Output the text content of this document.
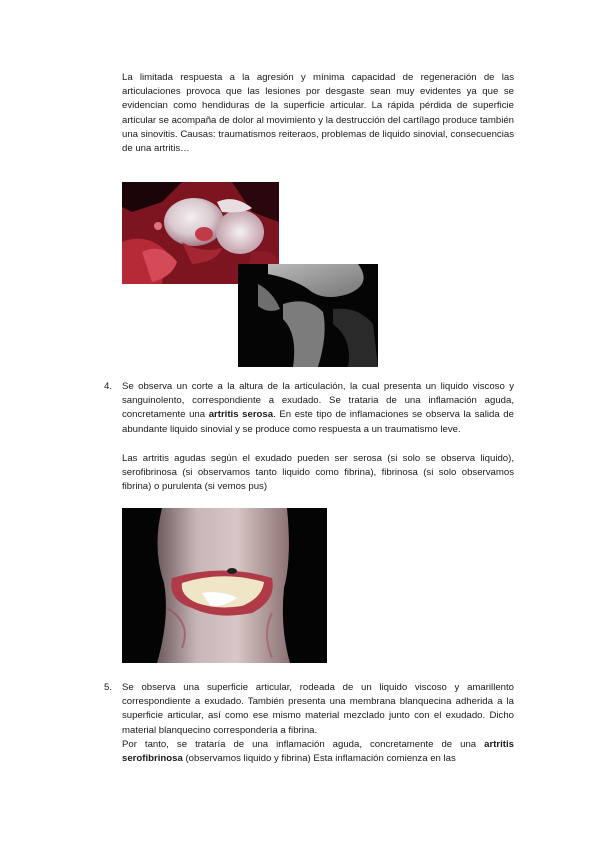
La limitada respuesta a la agresión y mínima capacidad de regeneración de las articulaciones provoca que las lesiones por desgaste sean muy evidentes ya que se evidencian como hendiduras de la superficie articular. La rápida pérdida de superficie articular se acompaña de dolor al movimiento y la destrucción del cartílago produce también una sinovitis. Causas: traumatismos reiteraos, problemas de liquido sinovial, consecuencias de una artritis…

4. Se observa un corte a la altura de la articulación, la cual presenta un liquido viscoso y sanguinolento, correspondiente a exudado. Se trataria de una inflamación aguda, concretamente una artritis serosa. En este tipo de inflamaciones se observa la salida de abundante liquido sinovial y se produce como respuesta a un traumatismo leve.

Las artritis agudas según el exudado pueden ser serosa (si solo se observa liquido), serofibrinosa (si observamos tanto liquido como fibrina), fibrinosa (si solo observamos fibrina) o purulenta (si vemos pus)

5. Se observa una superficie articular, rodeada de un liquido viscoso y amarillento correspondiente a exudado. También presenta una membrana blanquecina adherida a la superficie articular, así como ese mismo material mezclado junto con el exudado. Dicho material blanquecino correspondería a fibrina.

Por tanto, se trataría de una inflamación aguda, concretamente de una artritis serofibrinosa (observamos liquido y fibrina) Esta inflamación comienza en las
